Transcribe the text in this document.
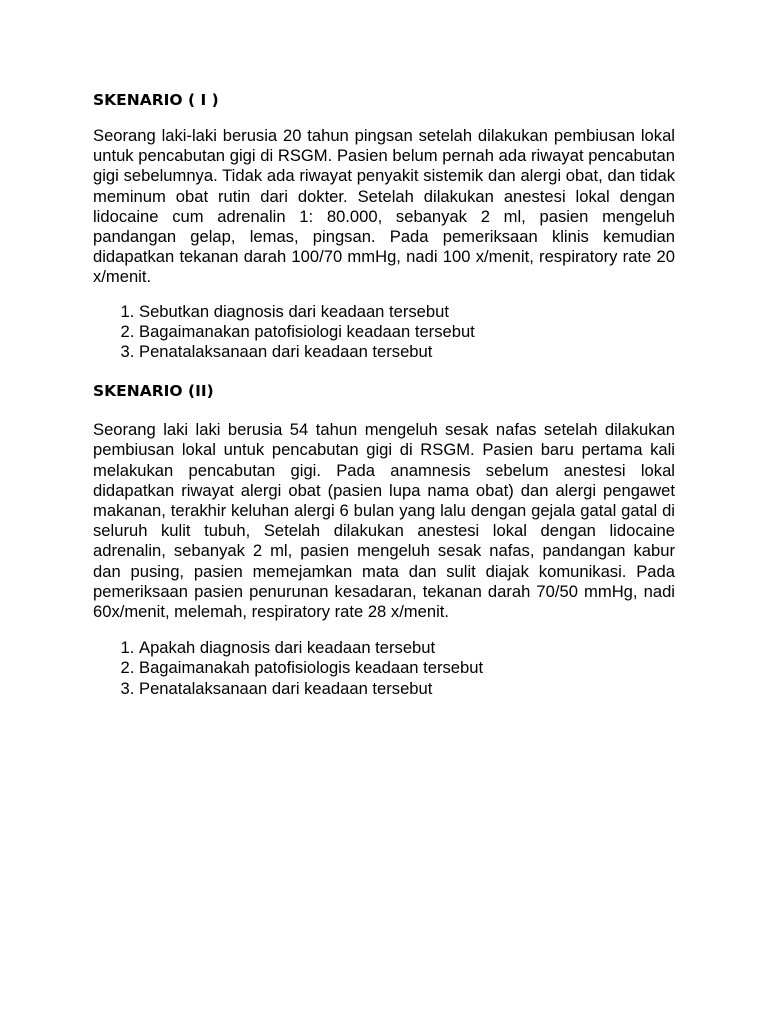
SKENARIO ( I )

Seorang laki-laki berusia 20 tahun pingsan setelah dilakukan pembiusan lokal untuk pencabutan gigi di RSGM. Pasien belum pernah ada riwayat pencabutan gigi sebelumnya. Tidak ada riwayat penyakit sistemik dan alergi obat, dan tidak meminum obat rutin dari dokter. Setelah dilakukan anestesi lokal dengan lidocaine cum adrenalin 1: 80.000, sebanyak 2 ml, pasien mengeluh pandangan gelap, lemas, pingsan. Pada pemeriksaan klinis kemudian didapatkan tekanan darah 100/70 mmHg, nadi 100 x/menit, respiratory rate 20 x/menit.

1. Sebutkan diagnosis dari keadaan tersebut
2. Bagaimanakan patofisiologi keadaan tersebut
3. Penatalaksanaan dari keadaan tersebut
SKENARIO (II)

Seorang laki laki berusia 54 tahun mengeluh sesak nafas setelah dilakukan pembiusan lokal untuk pencabutan gigi di RSGM. Pasien baru pertama kali melakukan pencabutan gigi. Pada anamnesis sebelum anestesi lokal didapatkan riwayat alergi obat (pasien lupa nama obat) dan alergi pengawet makanan, terakhir keluhan alergi 6 bulan yang lalu dengan gejala gatal gatal di seluruh kulit tubuh, Setelah dilakukan anestesi lokal dengan lidocaine adrenalin, sebanyak 2 ml, pasien mengeluh sesak nafas, pandangan kabur dan pusing, pasien memejamkan mata dan sulit diajak komunikasi. Pada pemeriksaan pasien penurunan kesadaran, tekanan darah 70/50 mmHg, nadi 60x/menit, melemah, respiratory rate 28 x/menit.

1. Apakah diagnosis dari keadaan tersebut
2. Bagaimanakah patofisiologis keadaan tersebut
3. Penatalaksanaan dari keadaan tersebut
